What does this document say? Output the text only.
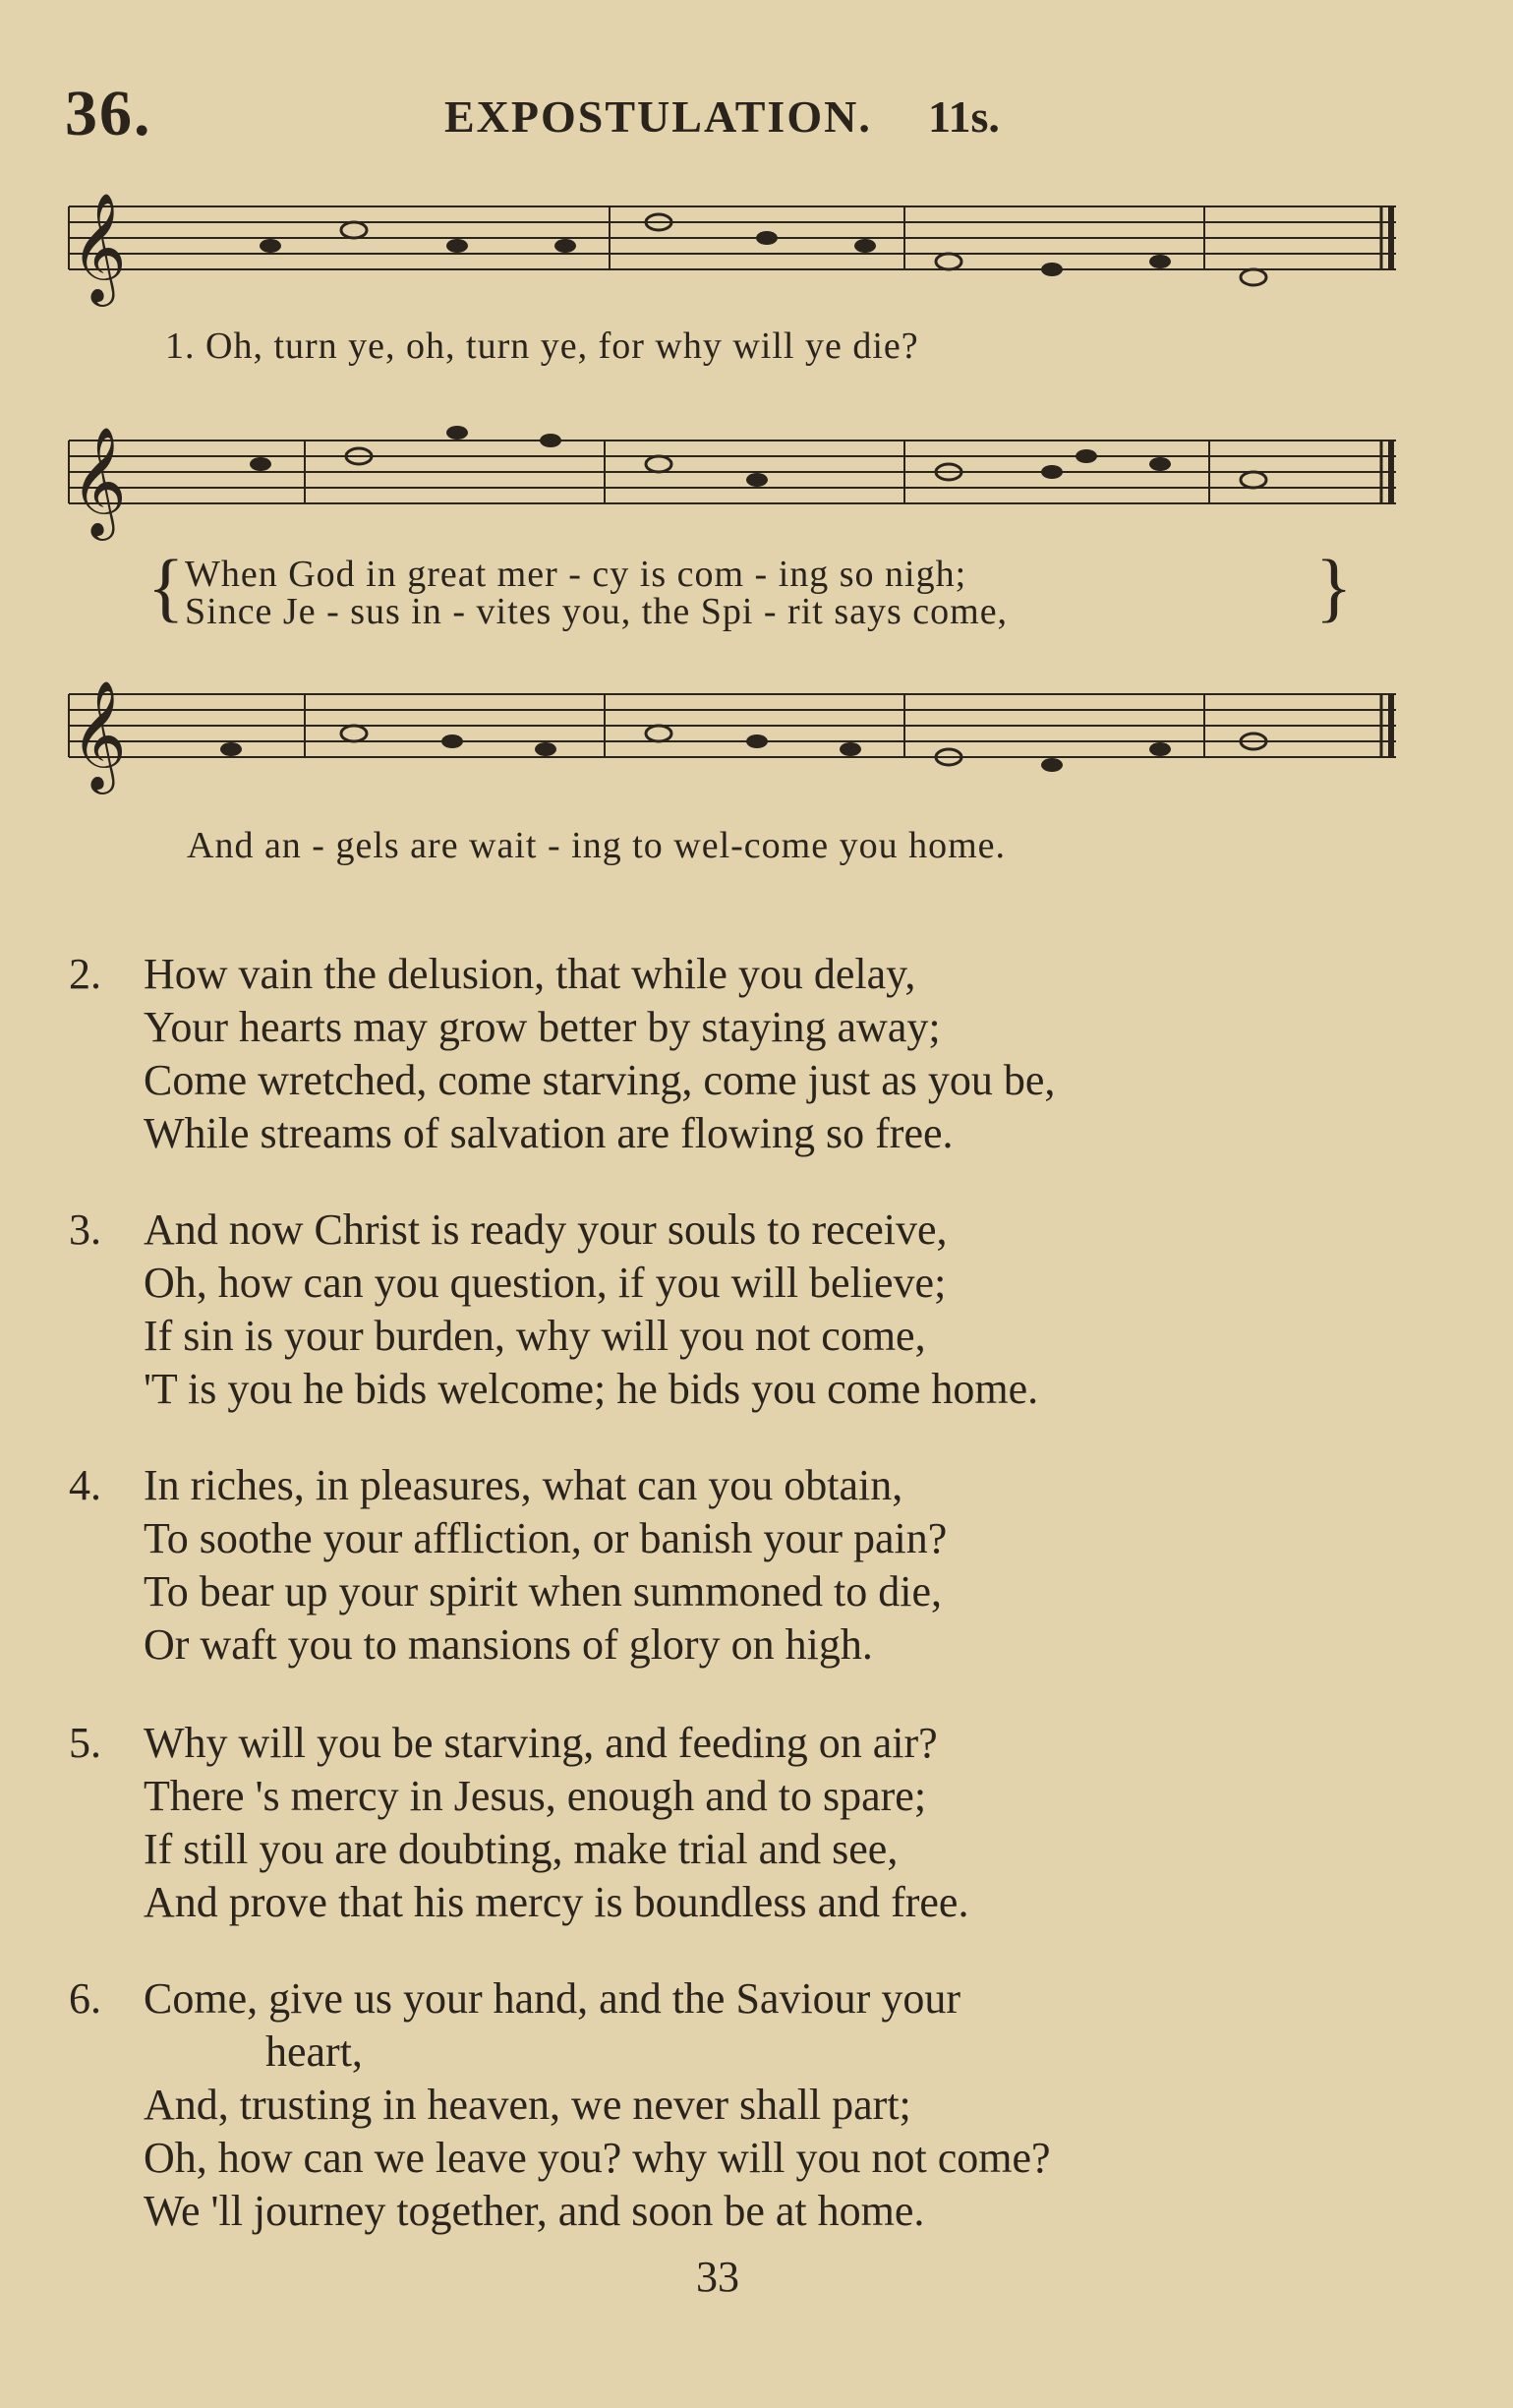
36.	EXPOSTULATION. 11s.
𝄞
1. Oh, turn ye, oh, turn ye, for why will ye die?
𝄞
{ When God in great mer - cy is com - ing so nigh;
Since Je - sus in - vites you, the Spi - rit says come,	}
𝄞
And an - gels are wait - ing to wel-come you home.
2. How vain the delusion, that while you delay,
Your hearts may grow better by staying away;
Come wretched, come starving, come just as you be,
While streams of salvation are flowing so free.
3. And now Christ is ready your souls to receive,
Oh, how can you question, if you will believe;
If sin is your burden, why will you not come,
'T is you he bids welcome; he bids you come home.
4. In riches, in pleasures, what can you obtain,
To soothe your affliction, or banish your pain?
To bear up your spirit when summoned to die,
Or waft you to mansions of glory on high.
5. Why will you be starving, and feeding on air?
There 's mercy in Jesus, enough and to spare;
If still you are doubting, make trial and see,
And prove that his mercy is boundless and free.
6. Come, give us your hand, and the Saviour your
heart,
And, trusting in heaven, we never shall part;
Oh, how can we leave you? why will you not come?
We 'll journey together, and soon be at home.
33
